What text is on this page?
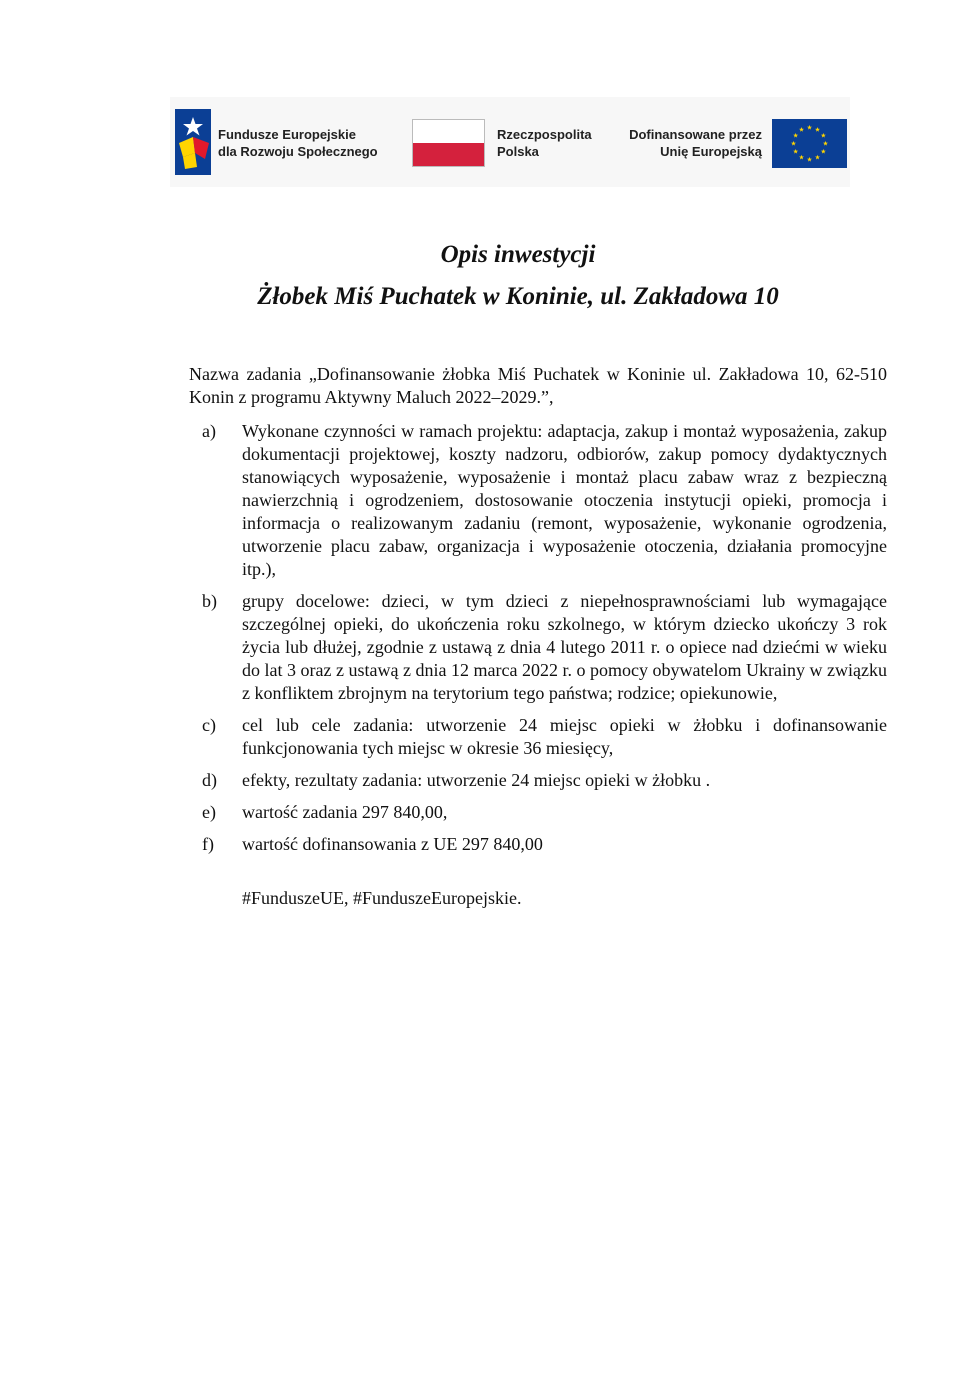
Fundusze Europejskie
dla Rozwoju Społecznego
Rzeczpospolita
Polska
Dofinansowane przez
Unię Europejską
Opis inwestycji
Żłobek Miś Puchatek w Koninie, ul. Zakładowa 10

Nazwa zadania „Dofinansowanie żłobka Miś Puchatek w Koninie ul. Zakładowa 10, 62-510 Konin z programu Aktywny Maluch 2022–2029.”,

a)	Wykonane czynności w ramach projektu: adaptacja, zakup i montaż wyposażenia, zakup dokumentacji projektowej, koszty nadzoru, odbiorów, zakup pomocy dydaktycznych stanowiących wyposażenie, wyposażenie i montaż placu zabaw wraz z bezpieczną nawierzchnią i ogrodzeniem, dostosowanie otoczenia instytucji opieki, promocja i informacja o realizowanym zadaniu (remont, wyposażenie, wykonanie ogrodzenia, utworzenie placu zabaw, organizacja i wyposażenie otoczenia, działania promocyjne itp.),
b)	grupy docelowe: dzieci, w tym dzieci z niepełnosprawnościami lub wymagające szczególnej opieki, do ukończenia roku szkolnego, w którym dziecko ukończy 3 rok życia lub dłużej, zgodnie z ustawą z dnia 4 lutego 2011 r. o opiece nad dziećmi w wieku do lat 3 oraz z ustawą z dnia 12 marca 2022 r. o pomocy obywatelom Ukrainy w związku z konfliktem zbrojnym na terytorium tego państwa; rodzice; opiekunowie,
c)	cel lub cele zadania: utworzenie 24 miejsc opieki w żłobku i dofinansowanie funkcjonowania tych miejsc w okresie 36 miesięcy,
d)	efekty, rezultaty zadania: utworzenie 24 miejsc opieki w żłobku .
e)	wartość zadania 297 840,00,
f)	wartość dofinansowania z UE 297 840,00

#FunduszeUE, #FunduszeEuropejskie.
